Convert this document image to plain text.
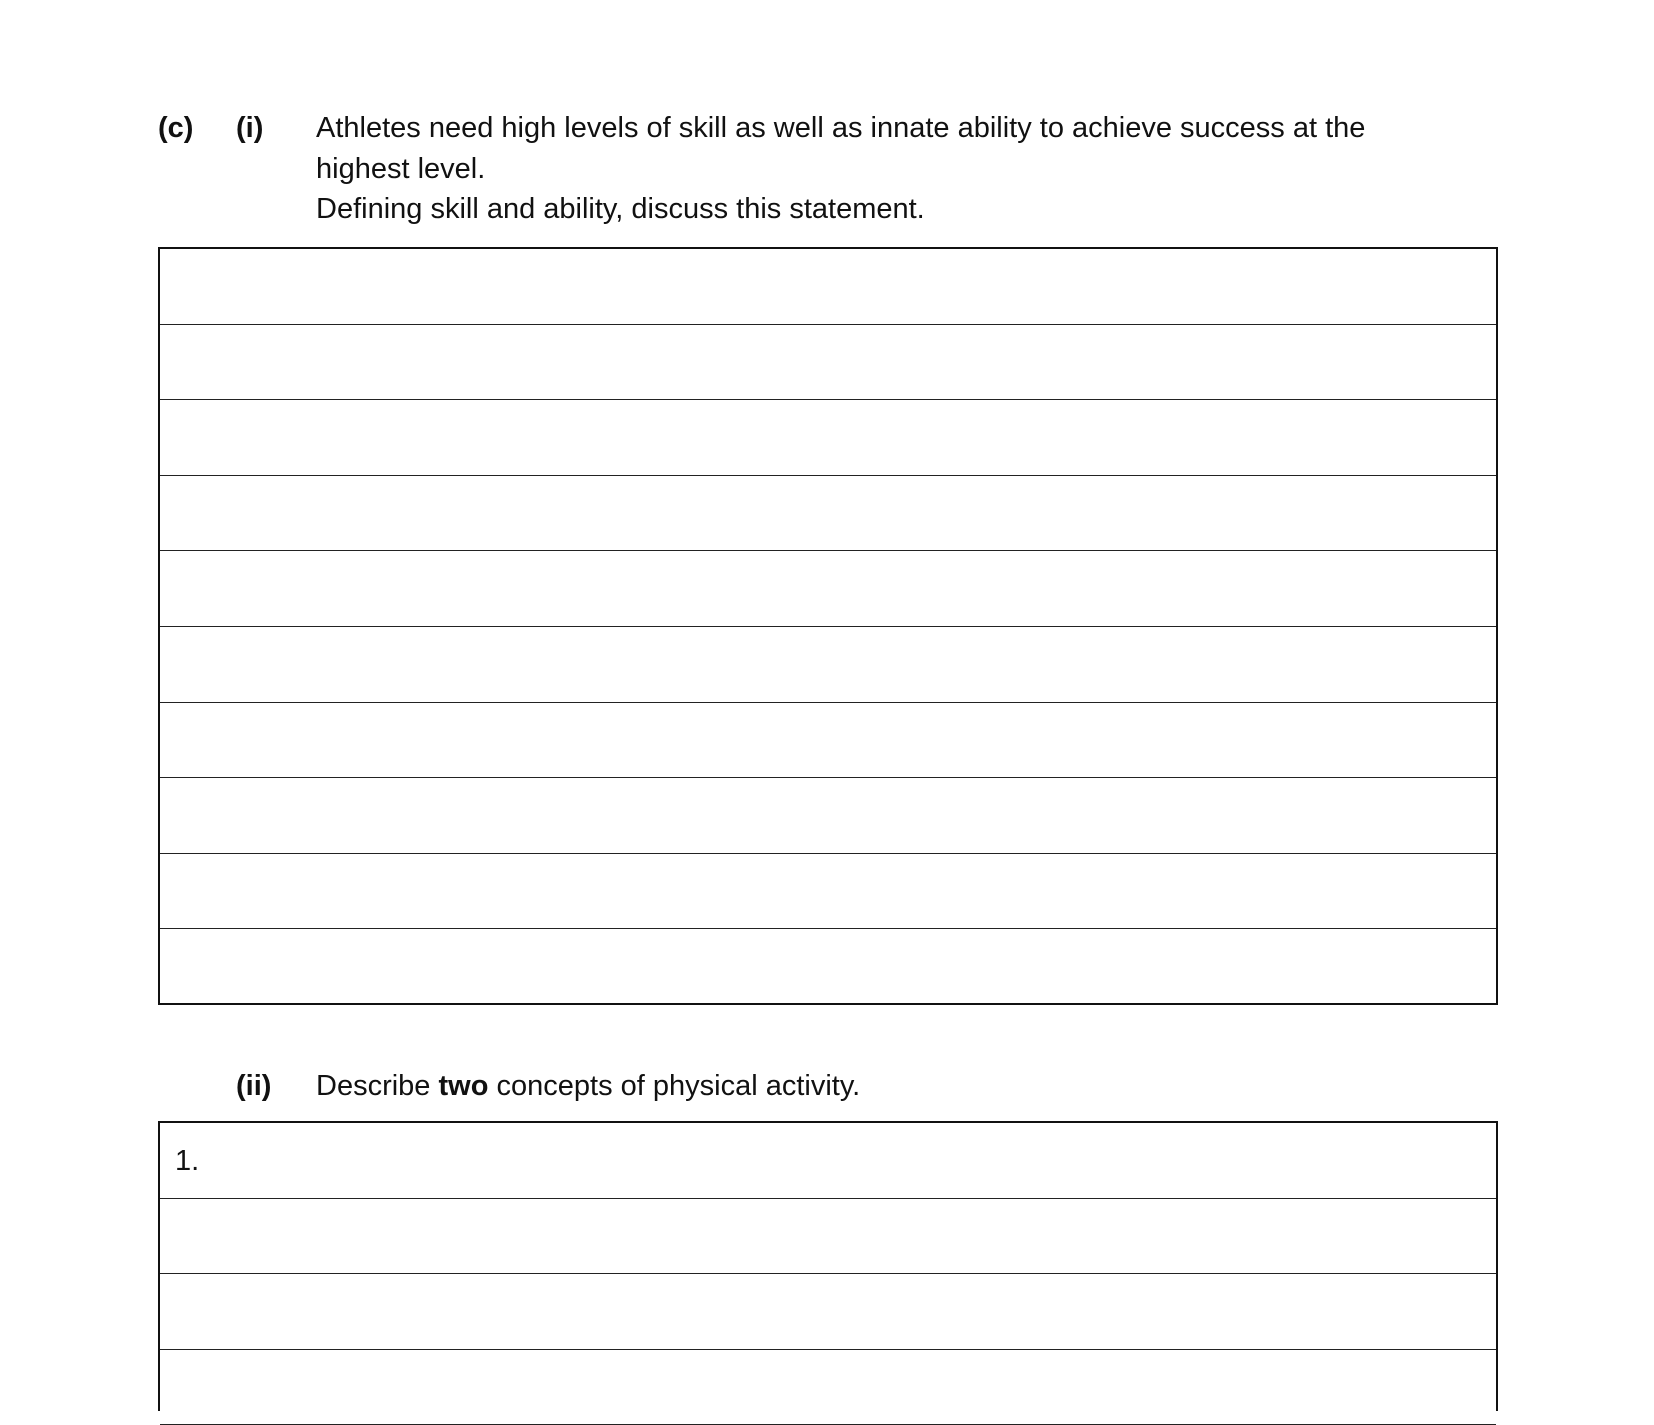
(c) (i) Athletes need high levels of skill as well as innate ability to achieve success at the
highest level.
Defining skill and ability, discuss this statement.
(ii) Describe two concepts of physical activity.
1.
